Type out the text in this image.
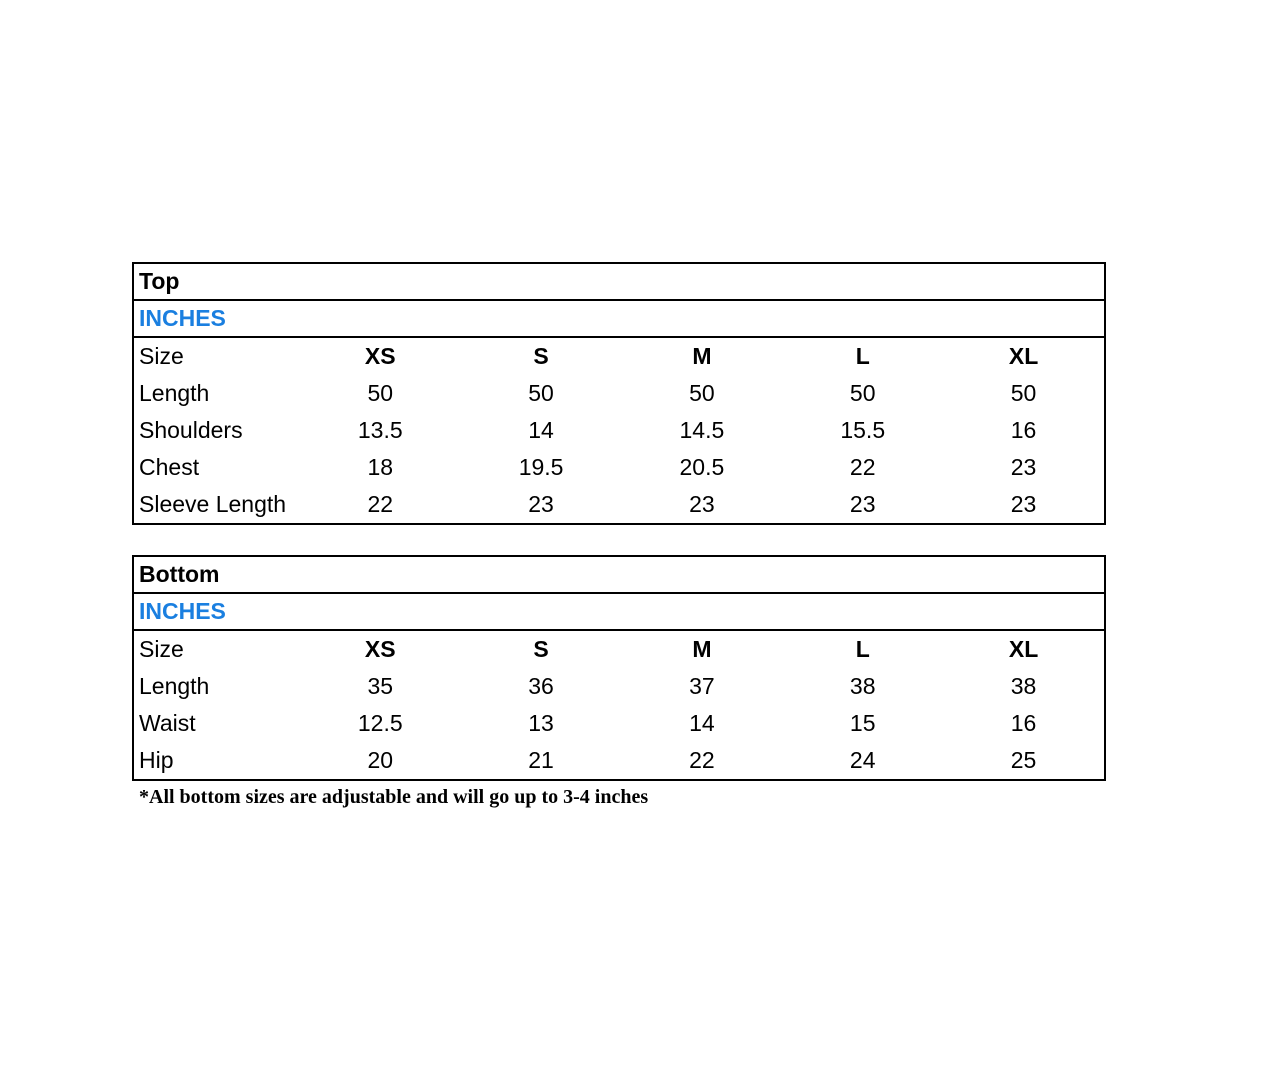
Top
INCHES
Size	XS	S	M	L	XL
Length	50	50	50	50	50
Shoulders	13.5	14	14.5	15.5	16
Chest	18	19.5	20.5	22	23
Sleeve Length	22	23	23	23	23
Bottom
INCHES
Size	XS	S	M	L	XL
Length	35	36	37	38	38
Waist	12.5	13	14	15	16
Hip	20	21	22	24	25
*All bottom sizes are adjustable and will go up to 3-4 inches
